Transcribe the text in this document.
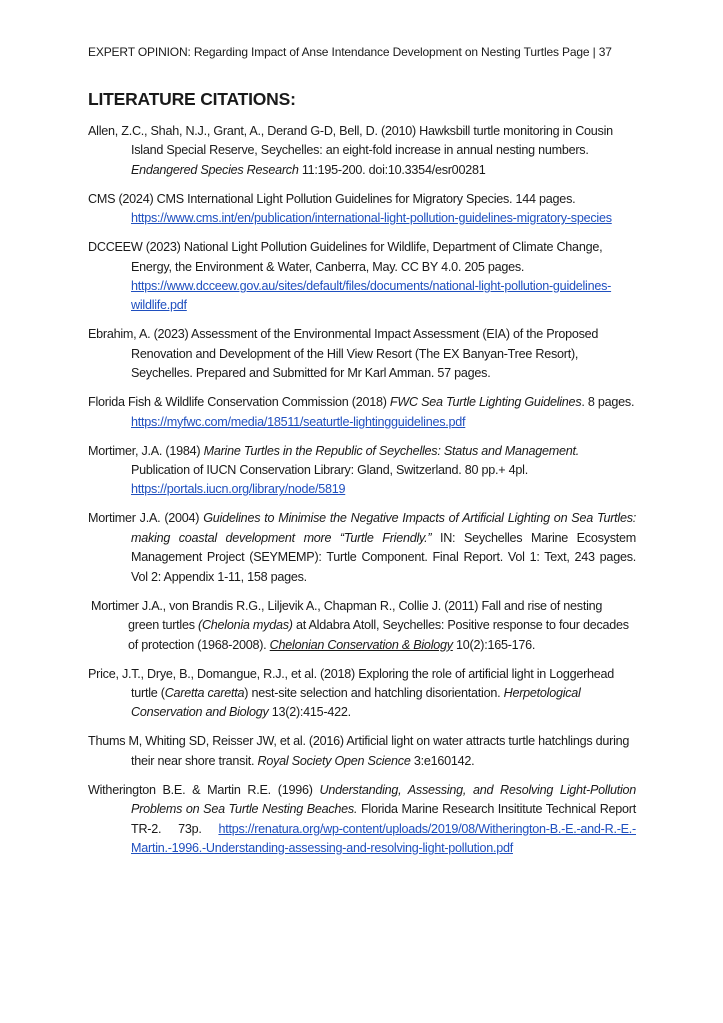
EXPERT OPINION: Regarding Impact of Anse Intendance Development on Nesting Turtles Page | 37
LITERATURE CITATIONS:

Allen, Z.C., Shah, N.J., Grant, A., Derand G-D, Bell, D. (2010) Hawksbill turtle monitoring in Cousin Island Special Reserve, Seychelles: an eight-fold increase in annual nesting numbers. Endangered Species Research 11:195-200. doi:10.3354/esr00281

CMS (2024) CMS International Light Pollution Guidelines for Migratory Species. 144 pages. https://www.cms.int/en/publication/international-light-pollution-guidelines-migratory-species

DCCEEW (2023) National Light Pollution Guidelines for Wildlife, Department of Climate Change, Energy, the Environment & Water, Canberra, May. CC BY 4.0. 205 pages. https://www.dcceew.gov.au/sites/default/files/documents/national-light-pollution-guidelines-wildlife.pdf

Ebrahim, A. (2023) Assessment of the Environmental Impact Assessment (EIA) of the Proposed Renovation and Development of the Hill View Resort (The EX Banyan-Tree Resort), Seychelles. Prepared and Submitted for Mr Karl Amman. 57 pages.

Florida Fish & Wildlife Conservation Commission (2018) FWC Sea Turtle Lighting Guidelines. 8 pages. https://myfwc.com/media/18511/seaturtle-lightingguidelines.pdf

Mortimer, J.A. (1984) Marine Turtles in the Republic of Seychelles: Status and Management. Publication of IUCN Conservation Library: Gland, Switzerland. 80 pp.+ 4pl. https://portals.iucn.org/library/node/5819

Mortimer J.A. (2004) Guidelines to Minimise the Negative Impacts of Artificial Lighting on Sea Turtles: making coastal development more “Turtle Friendly.” IN: Seychelles Marine Ecosystem Management Project (SEYMEMP): Turtle Component. Final Report. Vol 1: Text, 243 pages. Vol 2: Appendix 1-11, 158 pages.

Mortimer J.A., von Brandis R.G., Liljevik A., Chapman R., Collie J. (2011) Fall and rise of nesting green turtles (Chelonia mydas) at Aldabra Atoll, Seychelles: Positive response to four decades of protection (1968-2008). Chelonian Conservation & Biology 10(2):165-176.

Price, J.T., Drye, B., Domangue, R.J., et al. (2018) Exploring the role of artificial light in Loggerhead turtle (Caretta caretta) nest-site selection and hatchling disorientation. Herpetological Conservation and Biology 13(2):415-422.

Thums M, Whiting SD, Reisser JW, et al. (2016) Artificial light on water attracts turtle hatchlings during their near shore transit. Royal Society Open Science 3:e160142.

Witherington B.E. & Martin R.E. (1996) Understanding, Assessing, and Resolving Light-Pollution Problems on Sea Turtle Nesting Beaches. Florida Marine Research Insititute Technical Report TR-2. 73p. https://renatura.org/wp-content/uploads/2019/08/Witherington-B.-E.-and-R.-E.-Martin.-1996.-Understanding-assessing-and-resolving-light-pollution.pdf
